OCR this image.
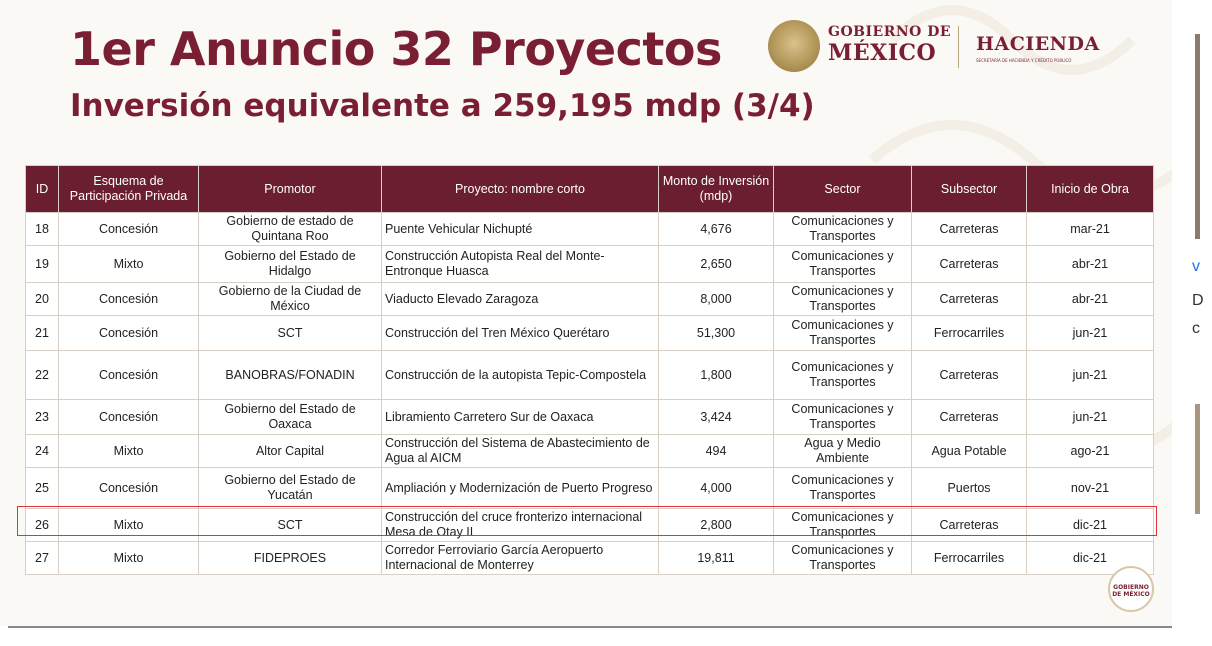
1er Anuncio 32 Proyectos
Inversión equivalente a 259,195 mdp (3/4)
GOBIERNO DE
MÉXICO HACIENDA
SECRETARÍA DE HACIENDA Y CRÉDITO PÚBLICO
ID	Esquema de Participación Privada	Promotor	Proyecto: nombre corto	Monto de Inversión (mdp)	Sector	Subsector	Inicio de Obra
18	Concesión	Gobierno de estado de Quintana Roo	Puente Vehicular Nichupté	4,676	Comunicaciones y Transportes	Carreteras	mar-21
19	Mixto	Gobierno del Estado de Hidalgo	Construcción Autopista Real del Monte-Entronque Huasca	2,650	Comunicaciones y Transportes	Carreteras	abr-21
20	Concesión	Gobierno de la Ciudad de México	Viaducto Elevado Zaragoza	8,000	Comunicaciones y Transportes	Carreteras	abr-21
21	Concesión	SCT	Construcción del Tren México Querétaro	51,300	Comunicaciones y Transportes	Ferrocarriles	jun-21
22	Concesión	BANOBRAS/FONADIN	Construcción de la autopista Tepic-Compostela	1,800	Comunicaciones y Transportes	Carreteras	jun-21
23	Concesión	Gobierno del Estado de Oaxaca	Libramiento Carretero Sur de Oaxaca	3,424	Comunicaciones y Transportes	Carreteras	jun-21
24	Mixto	Altor Capital	Construcción del Sistema de Abastecimiento de Agua al AICM	494	Agua y Medio Ambiente	Agua Potable	ago-21
25	Concesión	Gobierno del Estado de Yucatán	Ampliación y Modernización de Puerto Progreso	4,000	Comunicaciones y Transportes	Puertos	nov-21
26	Mixto	SCT	Construcción del cruce fronterizo internacional Mesa de Otay II	2,800	Comunicaciones y Transportes	Carreteras	dic-21
27	Mixto	FIDEPROES	Corredor Ferroviario García Aeropuerto Internacional de Monterrey	19,811	Comunicaciones y Transportes	Ferrocarriles	dic-21
GOBIERNO DE MÉXICO
v
D
c
